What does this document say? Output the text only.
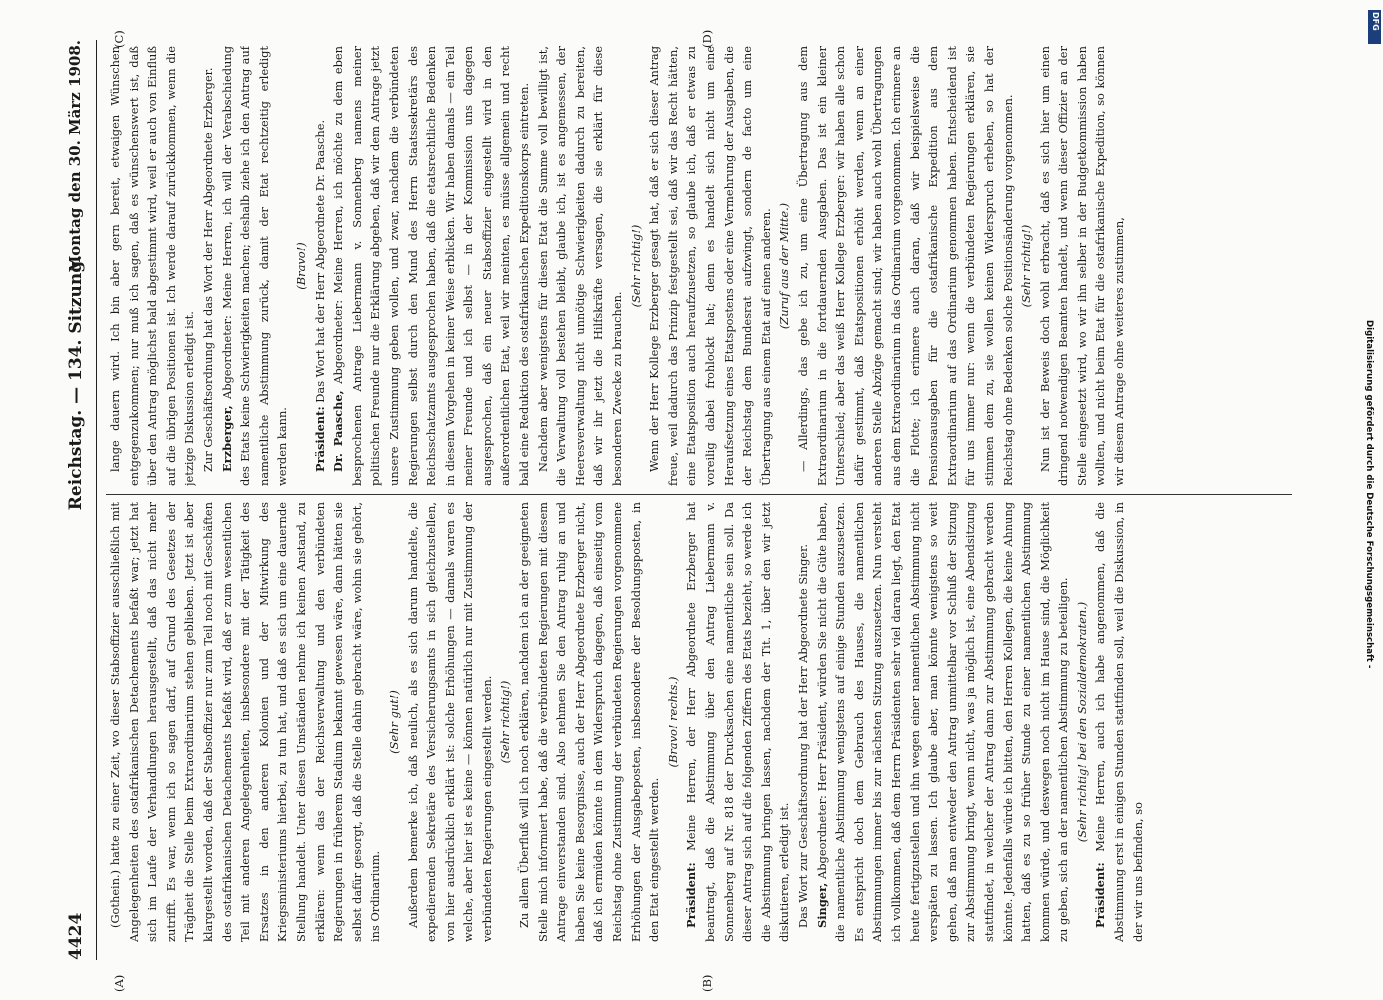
4424                                                                    Reichstag. — 134. Sitzung.
Montag den 30. März 1908.
(A)	(B)
(C)	(D)

(Gothein.) hatte zu einer Zeit, wo dieser Stabsoffizier ausschließlich mit Angelegenheiten des ostafrikanischen Detachements befaßt war; jetzt hat sich im Laufe der Verhandlungen herausgestellt, daß das nicht mehr zutrifft. Es war, wenn ich so sagen darf, auf Grund des Gesetzes der Trägheit die Stelle beim Extraordinarium stehen geblieben. Jetzt ist aber klargestellt worden, daß der Stabsoffizier nur zum Teil noch mit Geschäften des ostafrikanischen Detachements befaßt wird, daß er zum wesentlichen Teil mit anderen Angelegenheiten, insbesondere mit der Tätigkeit des Ersatzes in den anderen Kolonien und der Mitwirkung des Kriegsministeriums hierbei, zu tun hat, und daß es sich um eine dauernde Stellung handelt. Unter diesen Umständen nehme ich keinen Anstand, zu erklären: wenn das der Reichsverwaltung und den verbündeten Regierungen in früherem Stadium bekannt gewesen wäre, dann hätten sie selbst dafür gesorgt, daß die Stelle dahin gebracht wäre, wohin sie gehört, ins Ordinarium.

(Sehr gut!) Außerdem bemerke ich, daß neulich, als es sich darum handelte, die expedierenden Sekretäre des Versicherungsamts in sich gleichzustellen, von hier ausdrücklich erklärt ist: solche Erhöhungen — damals waren es welche, aber hier ist es keine — können natürlich nur mit Zustimmung der verbündeten Regierungen eingestellt werden. (Sehr richtig!) Zu allem Überfluß will ich noch erklären, nachdem ich an der geeigneten Stelle mich informiert habe, daß die verbündeten Regierungen mit diesem Antrage einverstanden sind. Also nehmen Sie den Antrag ruhig an und haben Sie keine Besorgnisse, auch der Herr Abgeordnete Erzberger nicht, daß ich ermüden könnte in dem Widerspruch dagegen, daß einseitig vom Reichstag ohne Zustimmung der verbündeten Regierungen vorgenommene Erhöhungen der Ausgabeposten, insbesondere der Besoldungsposten, in den Etat eingestellt werden.

(Bravo! rechts.)

Präsident: Meine Herren, der Herr Abgeordnete Erzberger hat beantragt, daß die Abstimmung über den Antrag Liebermann v. Sonnenberg auf Nr. 818 der Drucksachen eine namentliche sein soll. Da dieser Antrag sich auf die folgenden Ziffern des Etats bezieht, so werde ich die Abstimmung bringen lassen, nachdem der Tit. 1, über den wir jetzt diskutieren, erledigt ist. Das Wort zur Geschäftsordnung hat der Herr Abgeordnete Singer. Singer, Abgeordneter: Herr Präsident, würden Sie nicht die Güte haben, die namentliche Abstimmung wenigstens auf einige Stunden auszusetzen. Es entspricht doch dem Gebrauch des Hauses, die namentlichen Abstimmungen immer bis zur nächsten Sitzung auszusetzen. Nun versteht ich vollkommen, daß dem Herrn Präsidenten sehr viel daran liegt, den Etat heute fertigzustellen und ihn wegen einer namentlichen Abstimmung nicht verspäten zu lassen. Ich glaube aber, man könnte wenigstens so weit gehen, daß man entweder den Antrag unmittelbar vor Schluß der Sitzung zur Abstimmung bringt, wenn nicht, was ja möglich ist, eine Abendsitzung stattfindet, in welcher der Antrag dann zur Abstimmung gebracht werden könnte. Jedenfalls würde ich bitten, den Herren Kollegen, die keine Ahnung hatten, daß es zu so früher Stunde zu einer namentlichen Abstimmung kommen würde, und deswegen noch nicht im Hause sind, die Möglichkeit zu geben, sich an der namentlichen Abstimmung zu beteiligen. (Sehr richtig! bei den Sozialdemokraten.)

Präsident: Meine Herren, auch ich habe angenommen, daß die Abstimmung erst in einigen Stunden stattfinden soll, weil die Diskussion, in der wir uns befinden, so

lange dauern wird. Ich bin aber gern bereit, etwaigen Wünschen entgegenzukommen; nur muß ich sagen, daß es wünschenswert ist, daß über den Antrag möglichst bald abgestimmt wird, weil er auch von Einfluß auf die übrigen Positionen ist. Ich werde darauf zurückkommen, wenn die jetzige Diskussion erledigt ist. Zur Geschäftsordnung hat das Wort der Herr Abgeordnete Erzberger. Erzberger, Abgeordneter: Meine Herren, ich will der Verabschiedung des Etats keine Schwierigkeiten machen; deshalb ziehe ich den Antrag auf namentliche Abstimmung zurück, damit der Etat rechtzeitig erledigt werden kann.

(Bravo!)

Präsident: Das Wort hat der Herr Abgeordnete Dr. Paasche.

Dr. Paasche, Abgeordneter: Meine Herren, ich möchte zu dem eben besprochenen Antrage Liebermann v. Sonnenberg namens meiner politischen Freunde nur die Erklärung abgeben, daß wir dem Antrage jetzt unsere Zustimmung geben wollen, und zwar, nachdem die verbündeten Regierungen selbst durch den Mund des Herrn Staatssekretärs des Reichsschatzamts ausgesprochen haben, daß die etatsrechtliche Bedenken in diesem Vorgehen in keiner Weise erblicken. Wir haben damals — ein Teil meiner Freunde und ich selbst — in der Kommission uns dagegen ausgesprochen, daß ein neuer Stabsoffizier eingestellt wird in den außerordentlichen Etat, weil wir meinten, es müsse allgemein und recht bald eine Reduktion des ostafrikanischen Expeditionskorps eintreten. Nachdem aber wenigstens für diesen Etat die Summe voll bewilligt ist, die Verwaltung voll bestehen bleibt, glaube ich, ist es angemessen, der Heeresverwaltung nicht unnötige Schwierigkeiten dadurch zu bereiten, daß wir ihr jetzt die Hilfskräfte versagen, die sie erklärt für diese besonderen Zwecke zu brauchen.

(Sehr richtig!) Wenn der Herr Kollege Erzberger gesagt hat, daß er sich dieser Antrag freue, weil dadurch das Prinzip festgestellt sei, daß wir das Recht hätten, eine Etatsposition auch heraufzusetzen, so glaube ich, daß er etwas zu voreilig dabei frohlockt hat; denn es handelt sich nicht um eine Heraufsetzung eines Etatspostens oder eine Vermehrung der Ausgaben, die der Reichstag dem Bundesrat aufzwingt, sondern de facto um eine Übertragung aus einem Etat auf einen anderen. (Zuruf aus der Mitte.) — Allerdings, das gebe ich zu, um eine Übertragung aus dem Extraordinarium in die fortdauernden Ausgaben. Das ist ein kleiner Unterschied; aber das weiß Herr Kollege Erzberger: wir haben alle schon dafür gestimmt, daß Etatspositionen erhöht werden, wenn an einer anderen Stelle Abzüge gemacht sind; wir haben auch wohl Übertragungen aus dem Extraordinarium in das Ordinarium vorgenommen. Ich erinnere an die Flotte; ich erinnere auch daran, daß wir beispielsweise die Pensionsausgaben für die ostafrikanische Expedition aus dem Extraordinarium auf das Ordinarium genommen haben. Entscheidend ist für uns immer nur: wenn die verbündeten Regierungen erklären, sie stimmen dem zu, sie wollen keinen Widerspruch erheben, so hat der Reichstag ohne Bedenken solche Positionsänderung vorgenommen. (Sehr richtig!) Nun ist der Beweis doch wohl erbracht, daß es sich hier um einen dringend notwendigen Beamten handelt, und wenn dieser Offizier an der Stelle eingesetzt wird, wo wir ihn selber in der Budgetkommission haben wollten, und nicht beim Etat für die ostafrikanische Expedition, so können wir diesem Antrage ohne weiteres zustimmen,

DFG
Digitalisierung gefördert durch die Deutsche Forschungsgemeinschaft -
